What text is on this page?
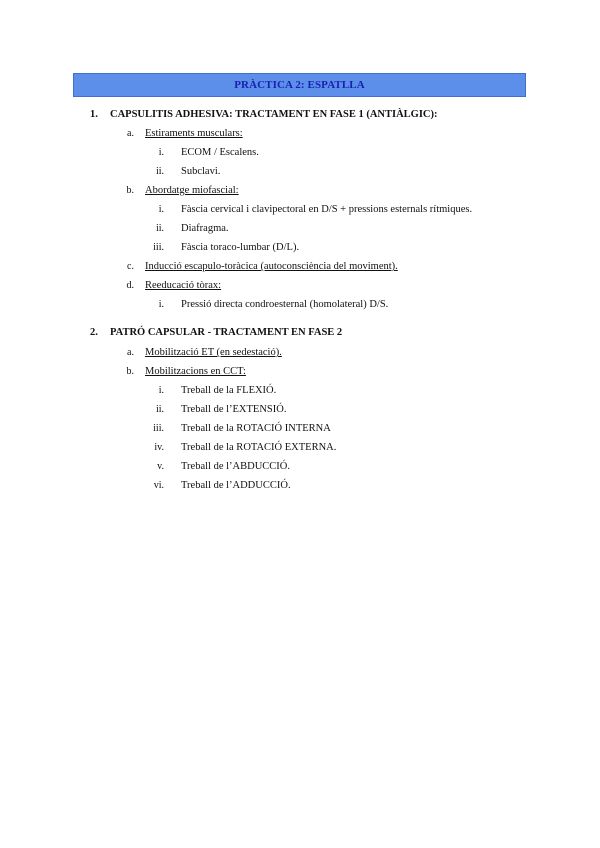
PRÀCTICA 2: ESPATLLA
1. CAPSULITIS ADHESIVA: TRACTAMENT EN FASE 1 (ANTIÀLGIC):
a. Estiraments musculars:
i. ECOM / Escalens.
ii. Subclavi.
b. Abordatge miofascial:
i. Fàscia cervical i clavipectoral en D/S + pressions esternals rítmiques.
ii. Diafragma.
iii. Fàscia toraco-lumbar (D/L).
c. Inducció escapulo-toràcica (autoconsciència del moviment).
d. Reeducació tòrax:
i. Pressió directa condroesternal (homolateral) D/S.
2. PATRÓ CAPSULAR - TRACTAMENT EN FASE 2
a. Mobilització ET (en sedestació).
b. Mobilitzacions en CCT:
i. Treball de la FLEXIÓ.
ii. Treball de l’EXTENSIÓ.
iii. Treball de la ROTACIÓ INTERNA
iv. Treball de la ROTACIÓ EXTERNA.
v. Treball de l’ABDUCCIÓ.
vi. Treball de l’ADDUCCIÓ.
